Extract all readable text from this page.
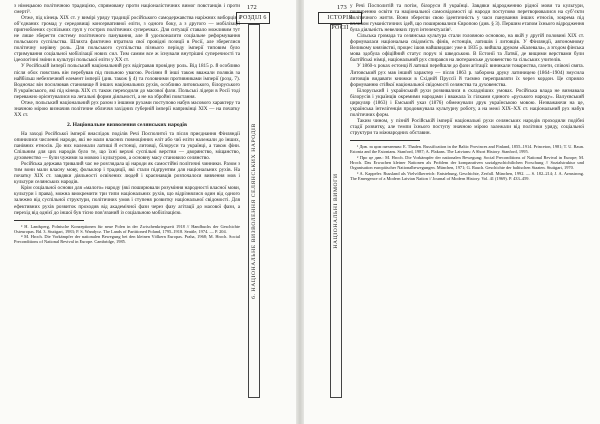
172
РОЗДІЛ 6
6. НАЦІОНАЛЬНЕ ВИЗВОЛЕННЯ СЕЛЯНСЬКИХ НАРОДІВ

з німецькою політичною традицією, спрямовану проти націоналістичних вимог повстанців і проти смерті³.

Отже, під кінець XIX ст. у вимірі уряду традиції російського самодержавства наріжних виборців і об’єднаних громад у середовищі консервативної еліти, з одного боку, а з другого — мобілізації пригноблених суспільних груп у гострих політичних суперечках. Для ситуації ставало можливим тут не лише зберегти систему політичного панування, але й удосконалити соціальне реформування польського суспільства. Шляхта фактично втратила свої провідні позиції в Росії, але збереглися політичну керівну роль. Для польського суспільства пізнього періоду імперії типовим було стримування соціальної мобілізації нових сил. Тим самим все ж існували внутрішні суперечності та ідеологічні зміни в культурі польської еліти у ХХ ст.

У Російській імперії польський національний рух відігравав провідну роль. Від 1815 р. й особливо після обох повстань він перебував під пильною увагою. Росіяни й інші також вважали поляків за найбільш небезпечний елемент імперії (див. також § 4) та головними противниками імперії (розд. 7). Водночас він посилював становище й інших національних рухів, особливо литовського, білоруського й українського, які під кінець XIX ст. також переходили до масової фази. Польські лідери в Росії тоді переважно орієнтувалися на легальні форми діяльності, а не на збройні повстання.

Отже, польський національний рух разом з іншими рухами поступово набув масового характеру та значною мірою визначив політичне обличчя західних губерній імперії наприкінці XIX — на початку XX ст.

2. Національне визволення селянських народів

На заході Російської імперії внаслідок поділів Речі Посполитої та після приєднання Фінляндії опинилися численні народи, які не мали власних повноцінних еліт або чиї еліти належали до інших, панівних етносів. До них належали латиші й естонці, литовці, білоруси та українці, а також фіни. Спільним для цих народів було те, що їхні верхні суспільні верстви — дворянство, міщанство, духовенство — були чужими за мовою і культурою, а основну масу становило селянство.

Російська держава тривалий час не розглядала ці народи як самостійні політичні чинники. Разом з тим вони мали власну мову, фольклор і традиції, які стали підґрунтям для національних рухів. На початку XIX ст. завдяки діяльності освічених людей і краєзнавців розпочалося вивчення мов і культури селянських народів.

Крім соціальної основи для «малого» народу (які поширювали розуміння народності власної мови, культури і права), можна виокремити три типи національних рухів, що відрізнялися один від одного залежно від суспільної структури, політичних умов і ступеня розвитку національної свідомості. Для ефективних рухів розвиток проходив від академічної фази через фазу агітації до масової фази, а перехід від однієї до іншої був тісно пов’язаний із соціальною мобілізацією.

³ Н. Landsperg, Polnische Konzeptionen für neue Polen in der Zwischenkriegszeit 1918 // Handbuchs der Geschichte Osteuropas. Bd. 3. Stuttgart, 1983; P. S. Wandycz. The Lands of Partitioned Poland, 1795–1918. Seattle, 1974. — P. 204.

⁴ M. Hroch. Die Vorkämpfer der nationalen Bewegung bei den kleinen Völkern Europas. Praha, 1968; M. Hroch. Social Preconditions of National Revival in Europe. Cambridge, 1985.

173
ІСТОРІЯ РОСІЇ
НАЦІОНАЛЬНІ ВИМОГИ

у Речі Посполитій та потім, білоруси й українці. Завдяки відродженню рідної мови та культури, поширенню освіти та національної самосвідомості ці народи поступово перетворювалися на суб’єкти політичного життя. Вони зберегли свою ідентичність у часи панування інших етносів, зокрема під впливом гуманістичних ідей, що поширювалися Європою (див. § 3). Першим етапом їхнього відродження була діяльність невеликих груп інтелектуалів¹.

Сільська громада та селянська культура стали головною основою, на якій у другій половині XIX ст. формувалася національна свідомість фінів, естонців, латишів і литовців. У Фінляндії, автономному Великому князівстві, процес ішов найшвидше: уже в 1835 р. вийшла друком «Калевала», а згодом фінська мова здобула офіційний статус поруч зі шведською. В Естонії та Латвії, де вищими верствами були балтійські німці, національний рух спирався на лютеранське духовенство та сільських учителів.

У 1860-х роках естонці й латиші перейшли до фази агітації: виникали товариства, газети, співочі свята. Литовський рух мав інший характер — після 1863 р. заборона друку латиницею (1864–1904) змусила литовців видавати книжки в Східній Пруссії й таємно переправляти їх через кордон. Це сприяло формуванню стійкої національної свідомості селянства та духовенства.

Білоруський і український рухи розвивалися в складніших умовах. Російська влада не визнавала білорусів і українців окремими народами і вважала їх гілками єдиного «руського народу». Валуєвський циркуляр (1863) і Емський указ (1876) обмежували друк українською мовою. Незважаючи на це, українська інтелігенція продовжувала культурну роботу, а на межі XIX–XX ст. національний рух набув політичних форм.

Таким чином, у пізній Російській імперії національні рухи селянських народів проходили подібні стадії розвитку, але темпи їхнього поступу значною мірою залежали від політики уряду, соціальної структури та міжнародних обставин.

¹ Див. за цим питанням: E. Thaden. Russification in the Baltic Provinces and Finland, 1855–1914. Princeton, 1981; T. U. Raun. Estonia and the Estonians. Stanford, 1987; A. Plakans. The Latvians: A Short History. Stanford, 1995.

² Про це див.: M. Hroch. Die Vorkämpfer der nationalen Bewegung; Social Preconditions of National Revival in Europe; M. Hroch. Das Erwachen kleiner Nationen als Problem der komparativen sozialgeschichtlichen Forschung // Sozialstruktur und Organisation europäischer Nationalbewegungen. München, 1971; G. Rauch. Geschichte der baltischen Staaten. Stuttgart, 1970.

³ A. Kappeler. Russland als Vielvölkerreich: Entstehung, Geschichte, Zerfall. München, 1992. — S. 182–214; J. A. Armstrong. The Emergence of a Modern Latvian Nation // Journal of Modern History. Vol. 41 (1969). P. 433–459.
